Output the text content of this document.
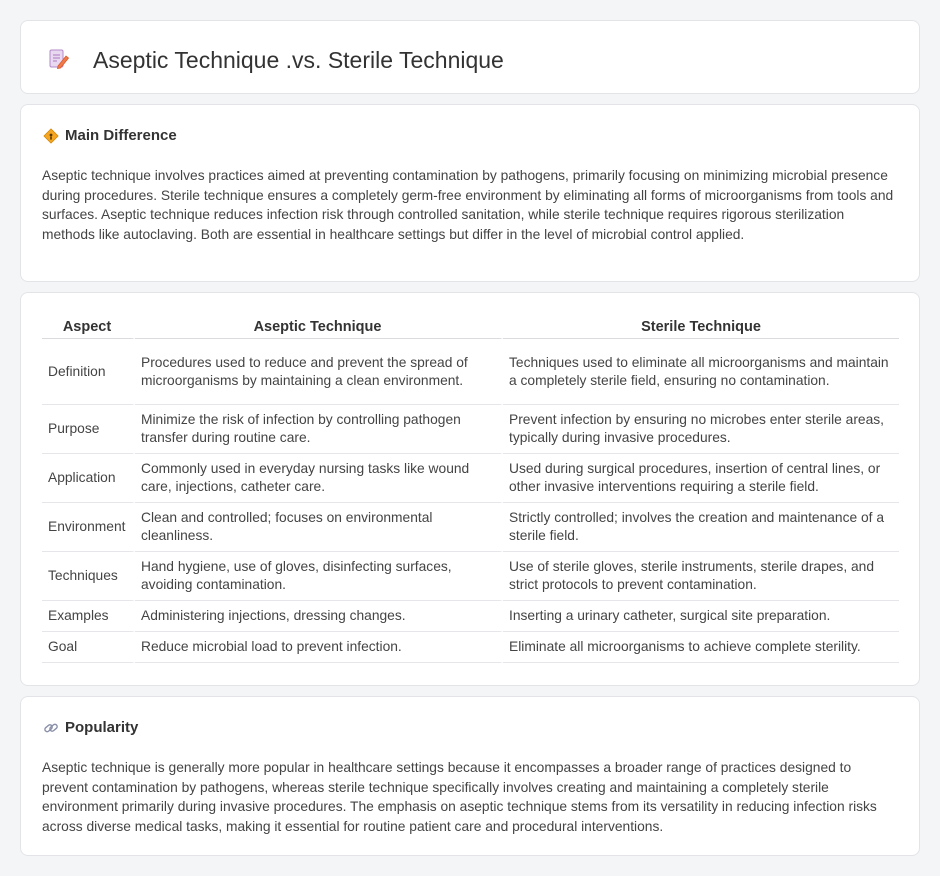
Aseptic Technique .vs. Sterile Technique
Main Difference

Aseptic technique involves practices aimed at preventing contamination by pathogens, primarily focusing on minimizing microbial presence during procedures. Sterile technique ensures a completely germ-free environment by eliminating all forms of microorganisms from tools and surfaces. Aseptic technique reduces infection risk through controlled sanitation, while sterile technique requires rigorous sterilization methods like autoclaving. Both are essential in healthcare settings but differ in the level of microbial control applied.

Aspect	Aseptic Technique	Sterile Technique
Definition	Procedures used to reduce and prevent the spread of microorganisms by maintaining a clean environment.	Techniques used to eliminate all microorganisms and maintain a completely sterile field, ensuring no contamination.
Purpose	Minimize the risk of infection by controlling pathogen transfer during routine care.	Prevent infection by ensuring no microbes enter sterile areas, typically during invasive procedures.
Application	Commonly used in everyday nursing tasks like wound care, injections, catheter care.	Used during surgical procedures, insertion of central lines, or other invasive interventions requiring a sterile field.
Environment	Clean and controlled; focuses on environmental cleanliness.	Strictly controlled; involves the creation and maintenance of a sterile field.
Techniques	Hand hygiene, use of gloves, disinfecting surfaces, avoiding contamination.	Use of sterile gloves, sterile instruments, sterile drapes, and strict protocols to prevent contamination.
Examples	Administering injections, dressing changes.	Inserting a urinary catheter, surgical site preparation.
Goal	Reduce microbial load to prevent infection.	Eliminate all microorganisms to achieve complete sterility.
Popularity

Aseptic technique is generally more popular in healthcare settings because it encompasses a broader range of practices designed to prevent contamination by pathogens, whereas sterile technique specifically involves creating and maintaining a completely sterile environment primarily during invasive procedures. The emphasis on aseptic technique stems from its versatility in reducing infection risks across diverse medical tasks, making it essential for routine patient care and procedural interventions.
